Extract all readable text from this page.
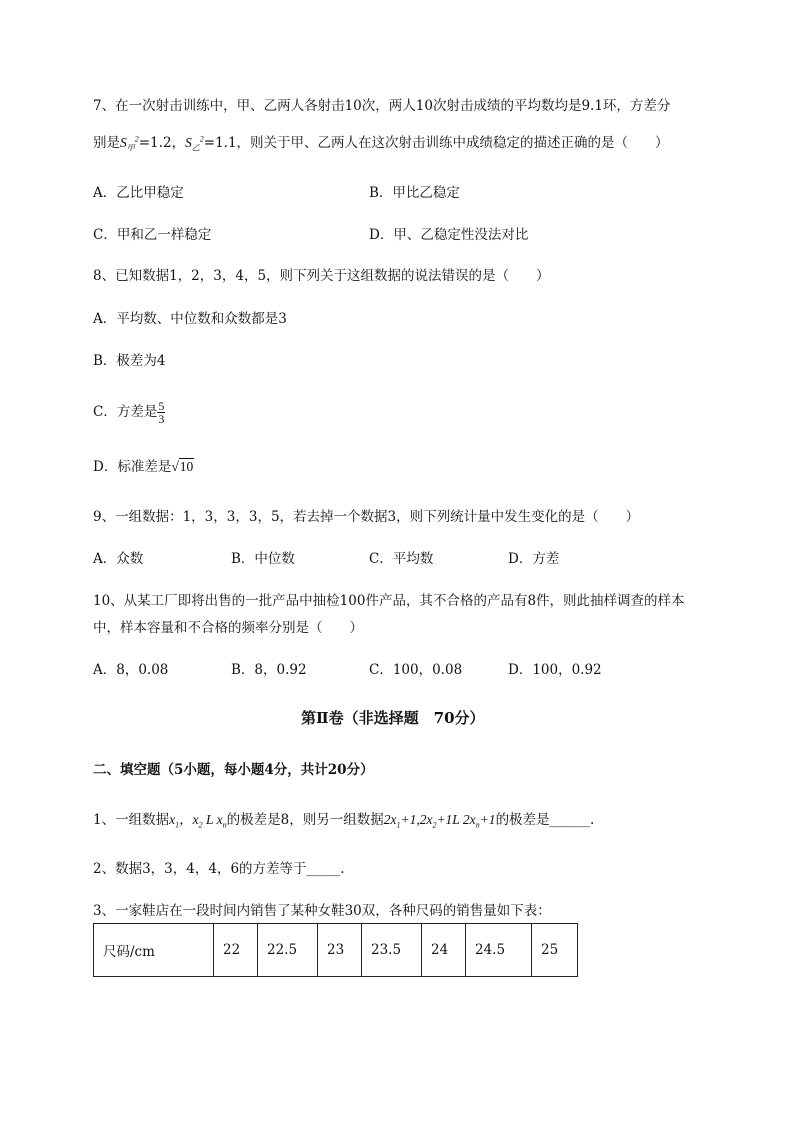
7、在一次射击训练中，甲、乙两人各射击10次，两人10次射击成绩的平均数均是9.1环，方差分
别是$S_甲^2=1.2$，$S_乙^2=1.1$，则关于甲、乙两人在这次射击训练中成绩稳定的描述正确的是（　　）
A．乙比甲稳定	B．甲比乙稳定
C．甲和乙一样稳定	D．甲、乙稳定性没法对比
8、已知数据1，2，3，4，5，则下列关于这组数据的说法错误的是（　　）
A．平均数、中位数和众数都是3
B．极差为4
C．方差是 $\frac{5}{3}$
D．标准差是√10
9、一组数据：1，3，3，3，5，若去掉一个数据3，则下列统计量中发生变化的是（　　）
A．众数	B．中位数	C．平均数	D．方差
10、从某工厂即将出售的一批产品中抽检100件产品，其不合格的产品有8件，则此抽样调查的样本
中，样本容量和不合格的频率分别是（　　）
A．8，0.08	B．8，0.92	C．100，0.08	D．100，0.92
第Ⅱ卷（非选择题　70分）
二、填空题（5小题，每小题4分，共计20分）
1、一组数据$x_1$，$x_2$ L $x_n$的极差是8，则另一组数据$2x_1+1,2x_2+1L$ $2x_n+1$的极差是______.
2、数据3，3，4，4，6的方差等于_____.
3、一家鞋店在一段时间内销售了某种女鞋30双，各种尺码的销售量如下表：
尺码/cm	22	22.5	23	23.5	24	24.5	25
